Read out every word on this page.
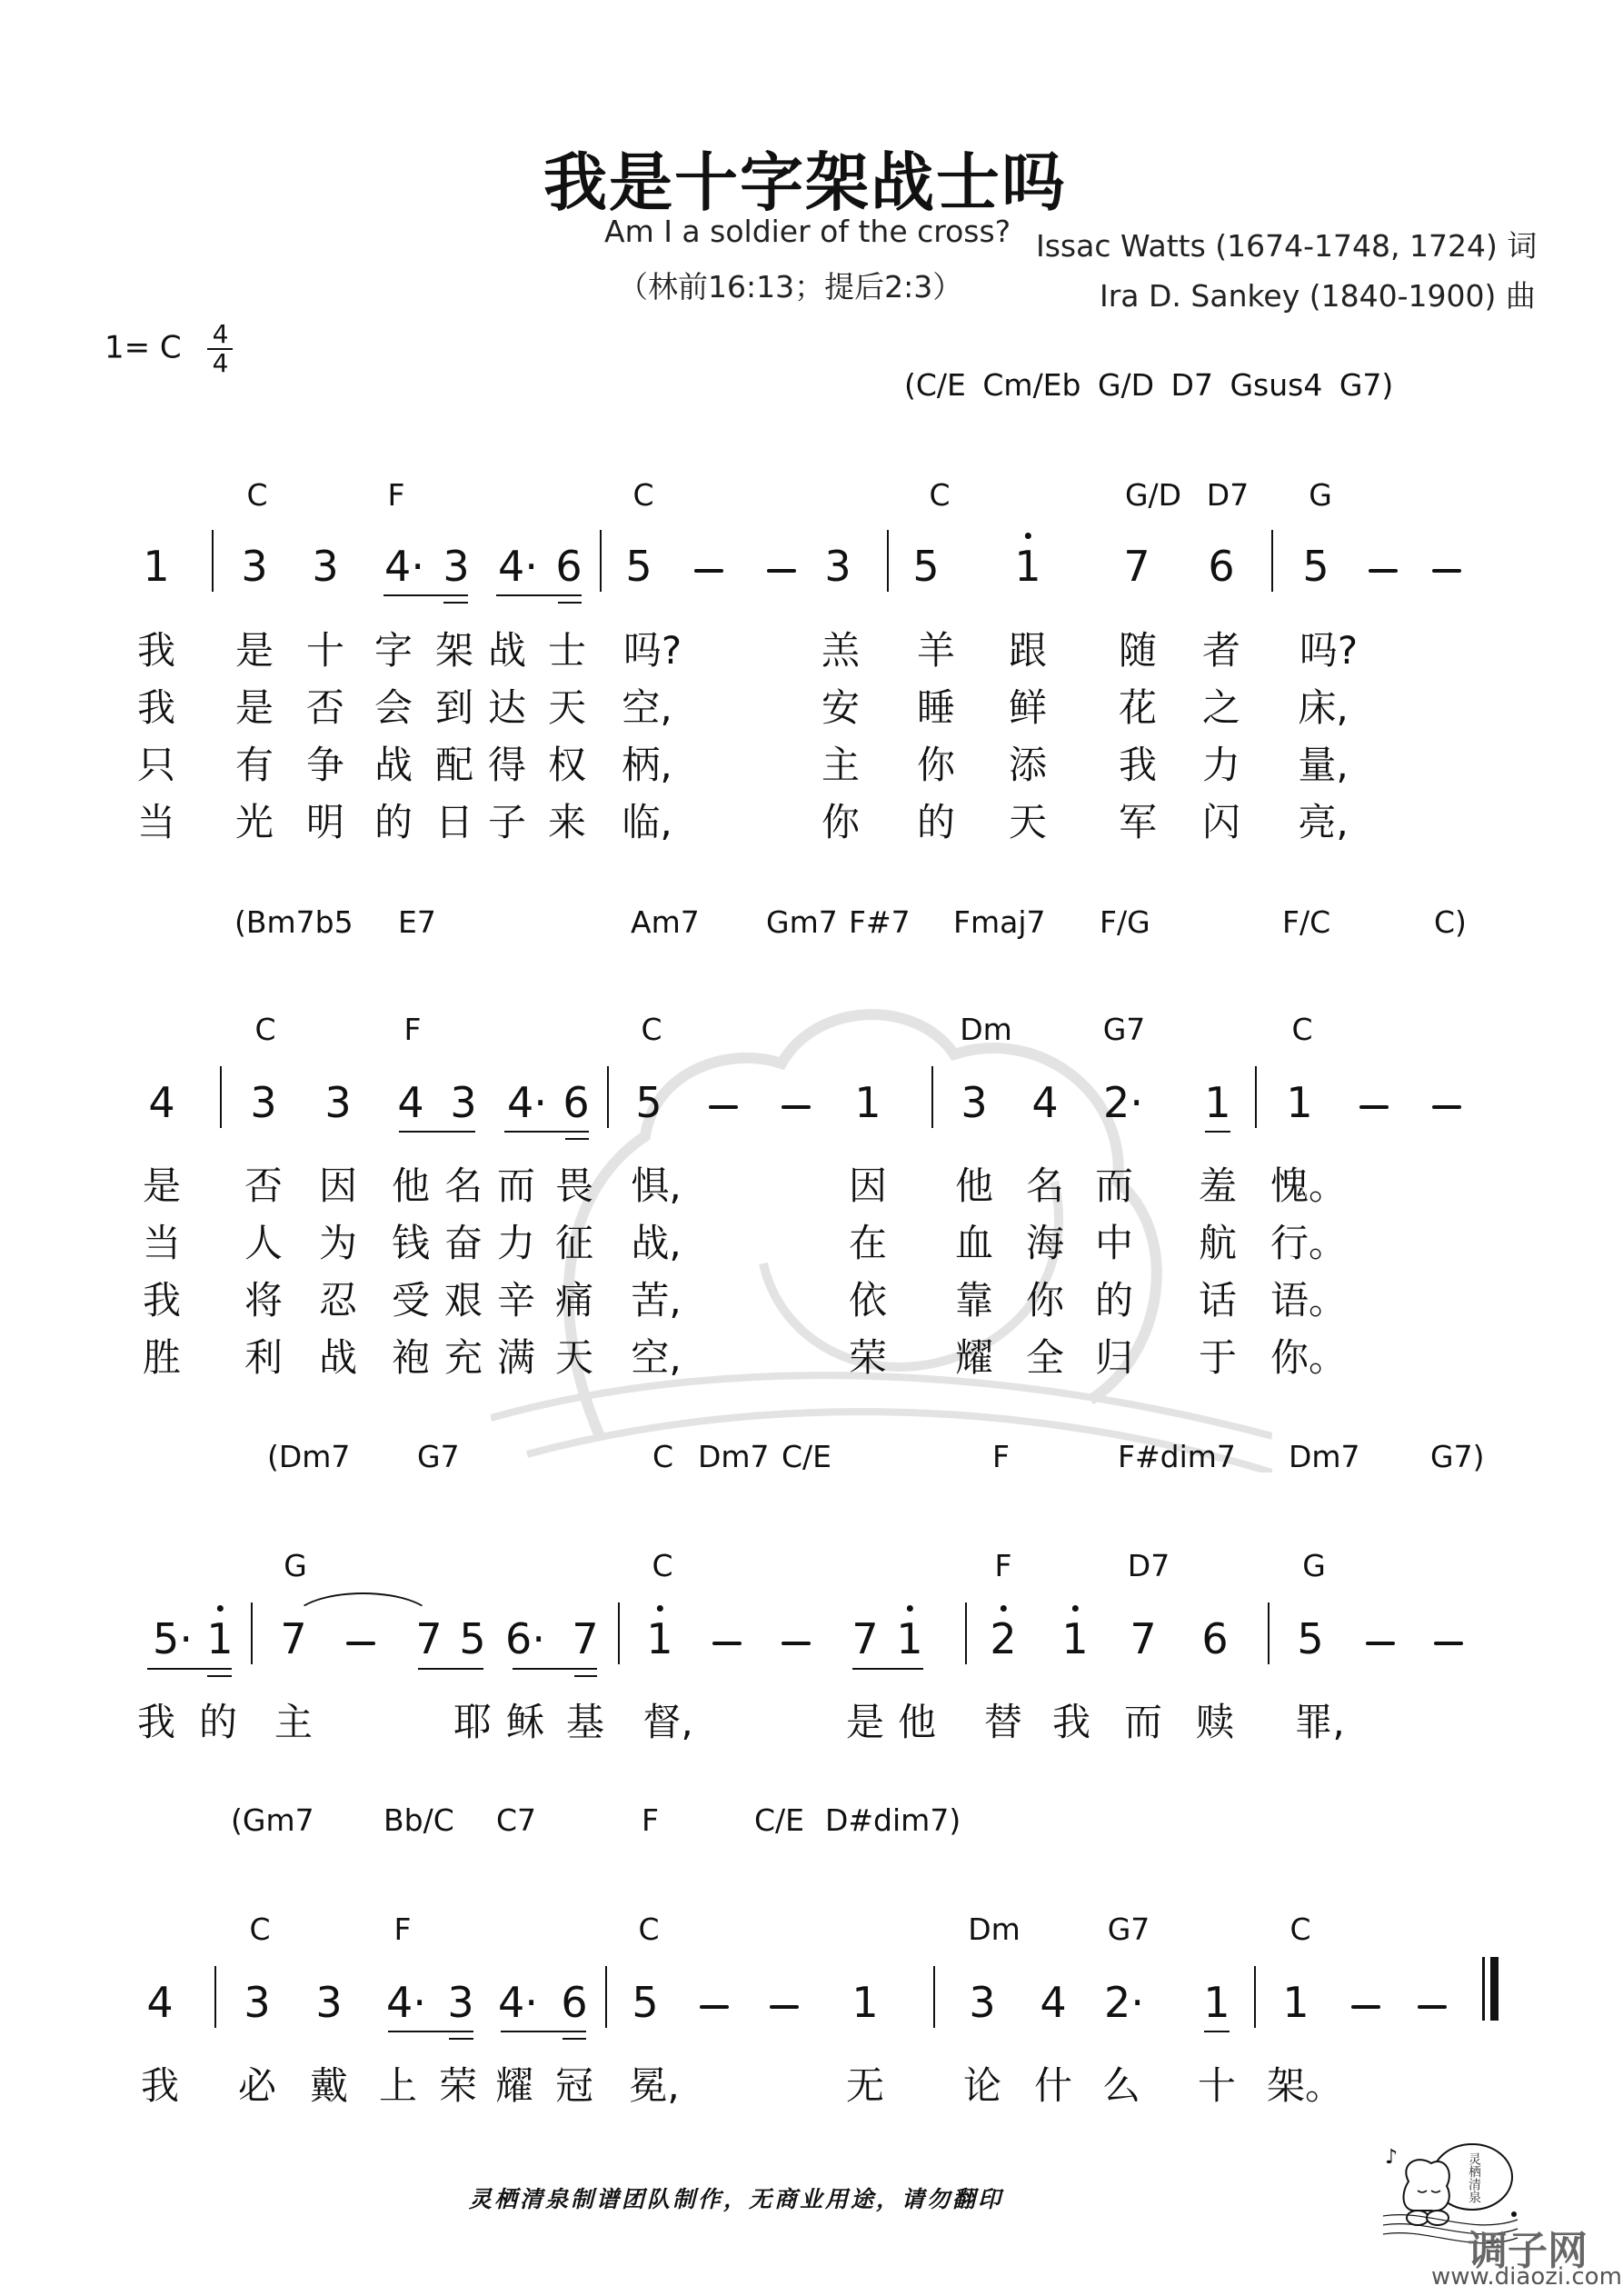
我是十字架战士吗
Am I a soldier of the cross?
（林前16:13；提后2:3）
Issac Watts (1674-1748, 1724) 词
Ira D. Sankey (1840-1900) 曲
1= C $\frac{4}{4}$
(C/E Cm/Eb G/D D7 Gsus4 G7)
C	F	C	C	G/D D7 G
1 3 3 4· 3 4· 6 5	3 5 1 7 6 5
我 是 十 字 架 战 士 吗?	羔 羊 跟 随 者 吗?
我 是 否 会 到 达 天 空,	安 睡 鲜 花 之 床,
只 有 争 战 配 得 权 柄,	主 你 添 我 力 量,
当 光 明 的 日 子 来 临,	你 的 天 军 闪 亮,
(Bm7b5 E7	Am7 Gm7 F#7 Fmaj7 F/G	F/C	C)
C	F	C	Dm	G7	C
4 3 3 4 3 4· 6 5	1 3 4 2· 1 1
是 否 因 他 名 而 畏 惧,	因 他 名 而 羞 愧。
当 人 为 钱 奋 力 征 战,	在 血 海 中 航 行。
我 将 忍 受 艰 辛 痛 苦,	依 靠 你 的 话 语。
胜 利 战 袍 充 满 天 空,	荣 耀 全 归 于 你。
(Dm7 G7	C Dm7 C/E	F	F#dim7 Dm7 G7)
G	C	F	D7	G
5· 1 7	7 5 6· 7 1	7 1 2 1 7 6 5
我 的 主	耶 稣 基 督,	是 他 替 我 而 赎 罪,
(Gm7 Bb/C C7	F	C/E D#dim7)
C	F	C	Dm	G7	C
4 3 3 4· 3 4· 6 5	1 3 4 2· 1 1
我 必 戴 上 荣 耀 冠 冕,	无 论 什 么 十 架。
灵栖清泉制谱团队制作，无商业用途，请勿翻印
♪	灵栖清泉
调子网
www.diaozi.com
